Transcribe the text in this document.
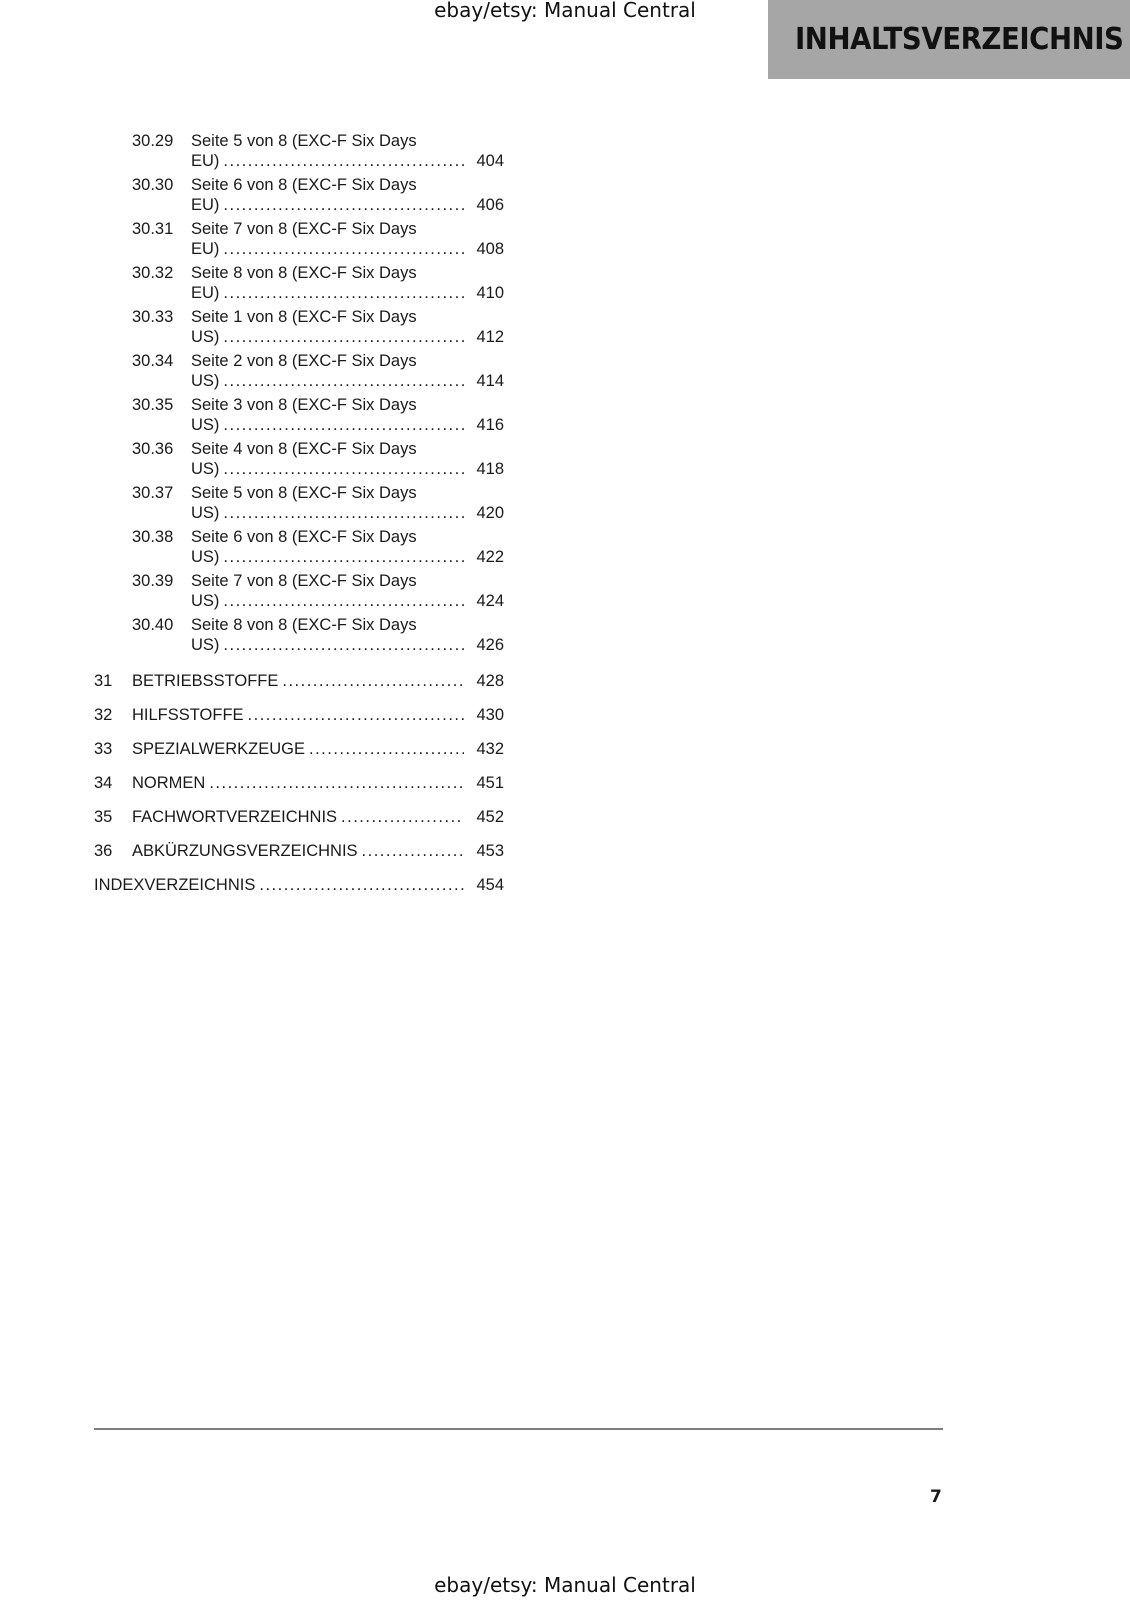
ebay/etsy: Manual Central
INHALTSVERZEICHNIS
30.29 Seite 5 von 8 (EXC-F Six Days
EU) .....	404
30.30 Seite 6 von 8 (EXC-F Six Days
EU) .....	406
30.31 Seite 7 von 8 (EXC-F Six Days
EU) .....	408
30.32 Seite 8 von 8 (EXC-F Six Days
EU) .....	410
30.33 Seite 1 von 8 (EXC-F Six Days
US) .....	412
30.34 Seite 2 von 8 (EXC-F Six Days
US) .....	414
30.35 Seite 3 von 8 (EXC-F Six Days
US) .....	416
30.36 Seite 4 von 8 (EXC-F Six Days
US) .....	418
30.37 Seite 5 von 8 (EXC-F Six Days
US) .....	420
30.38 Seite 6 von 8 (EXC-F Six Days
US) .....	422
30.39 Seite 7 von 8 (EXC-F Six Days
US) .....	424
30.40 Seite 8 von 8 (EXC-F Six Days
US) .....	426
31	BETRIEBSSTOFFE .....	428
32	HILFSSTOFFE .....	430
33	SPEZIALWERKZEUGE .....	432
34	NORMEN .....	451
35	FACHWORTVERZEICHNIS .....	452
36	ABKÜRZUNGSVERZEICHNIS .....	453
INDEXVERZEICHNIS .....	454
7
ebay/etsy: Manual Central
